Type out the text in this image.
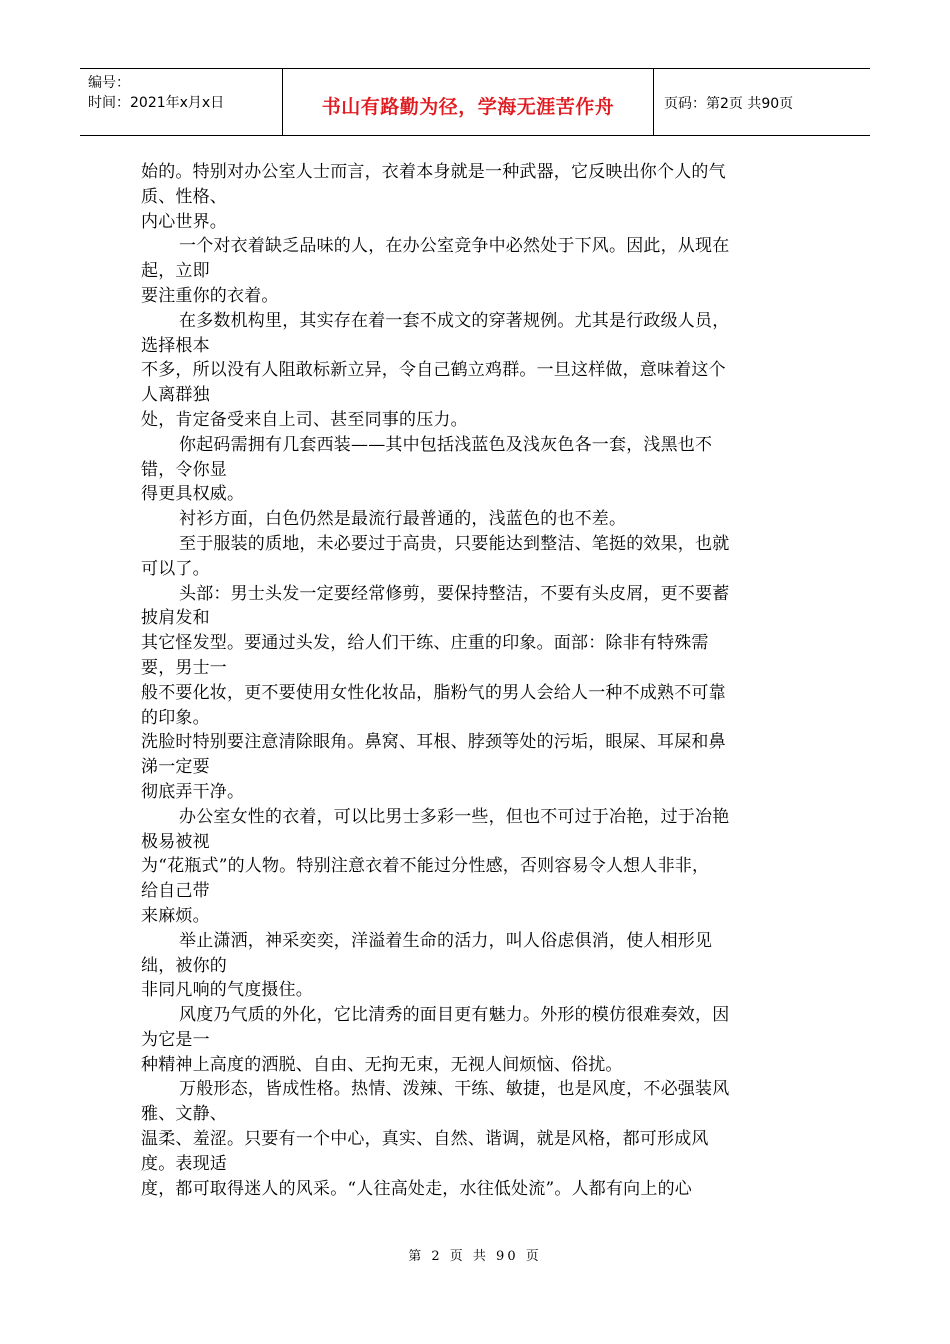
编号：
时间：2021年x月x日	书山有路勤为径，学海无涯苦作舟	页码：第2页 共90页
始的。特别对办公室人士而言，衣着本身就是一种武器，它反映出你个人的气
质、性格、
内心世界。
一个对衣着缺乏品味的人，在办公室竞争中必然处于下风。因此，从现在
起，立即
要注重你的衣着。
在多数机构里，其实存在着一套不成文的穿著规例。尤其是行政级人员，
选择根本
不多，所以没有人阻敢标新立异，令自己鹤立鸡群。一旦这样做，意味着这个
人离群独
处，肯定备受来自上司、甚至同事的压力。
你起码需拥有几套西装——其中包括浅蓝色及浅灰色各一套，浅黑也不
错，令你显
得更具权威。
衬衫方面，白色仍然是最流行最普通的，浅蓝色的也不差。
至于服装的质地，未必要过于高贵，只要能达到整洁、笔挺的效果，也就
可以了。
头部：男士头发一定要经常修剪，要保持整洁，不要有头皮屑，更不要蓄
披肩发和
其它怪发型。要通过头发，给人们干练、庄重的印象。面部：除非有特殊需
要，男士一
般不要化妆，更不要使用女性化妆品，脂粉气的男人会给人一种不成熟不可靠
的印象。
洗脸时特别要注意清除眼角。鼻窝、耳根、脖颈等处的污垢，眼屎、耳屎和鼻
涕一定要
彻底弄干净。
办公室女性的衣着，可以比男士多彩一些，但也不可过于冶艳，过于冶艳
极易被视
为“花瓶式”的人物。特别注意衣着不能过分性感，否则容易令人想人非非，
给自己带
来麻烦。
举止潇洒，神采奕奕，洋溢着生命的活力，叫人俗虑俱消，使人相形见
绌，被你的
非同凡响的气度摄住。
风度乃气质的外化，它比清秀的面目更有魅力。外形的模仿很难奏效，因
为它是一
种精神上高度的洒脱、自由、无拘无束，无视人间烦恼、俗扰。
万般形态，皆成性格。热情、泼辣、干练、敏捷，也是风度，不必强装风
雅、文静、
温柔、羞涩。只要有一个中心，真实、自然、谐调，就是风格，都可形成风
度。表现适
度，都可取得迷人的风采。“人往高处走，水往低处流”。人都有向上的心
第 2 页 共 90 页
